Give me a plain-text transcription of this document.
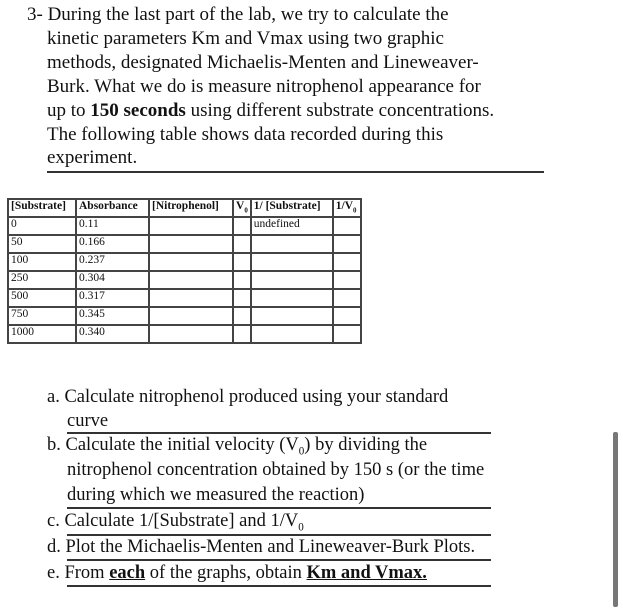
3- During the last part of the lab, we try to calculate the
kinetic parameters Km and Vmax using two graphic
methods, designated Michaelis-Menten and Lineweaver-
Burk. What we do is measure nitrophenol appearance for
up to 150 seconds using different substrate concentrations.
The following table shows data recorded during this
experiment.
[Substrate]	Absorbance	[Nitrophenol]	$V_0$	1/ [Substrate]	$1/V_0$
0	0.11			undefined	
50	0.166				
100	0.237				
250	0.304				
500	0.317				
750	0.345				
1000	0.340				
a. Calculate nitrophenol produced using your standard
curve
b. Calculate the initial velocity $(V_0)$ by dividing the
nitrophenol concentration obtained by 150 s (or the time
during which we measured the reaction)
c. Calculate 1/[Substrate] and $1/V_0$
d. Plot the Michaelis-Menten and Lineweaver-Burk Plots.
e. From each of the graphs, obtain Km and Vmax.
